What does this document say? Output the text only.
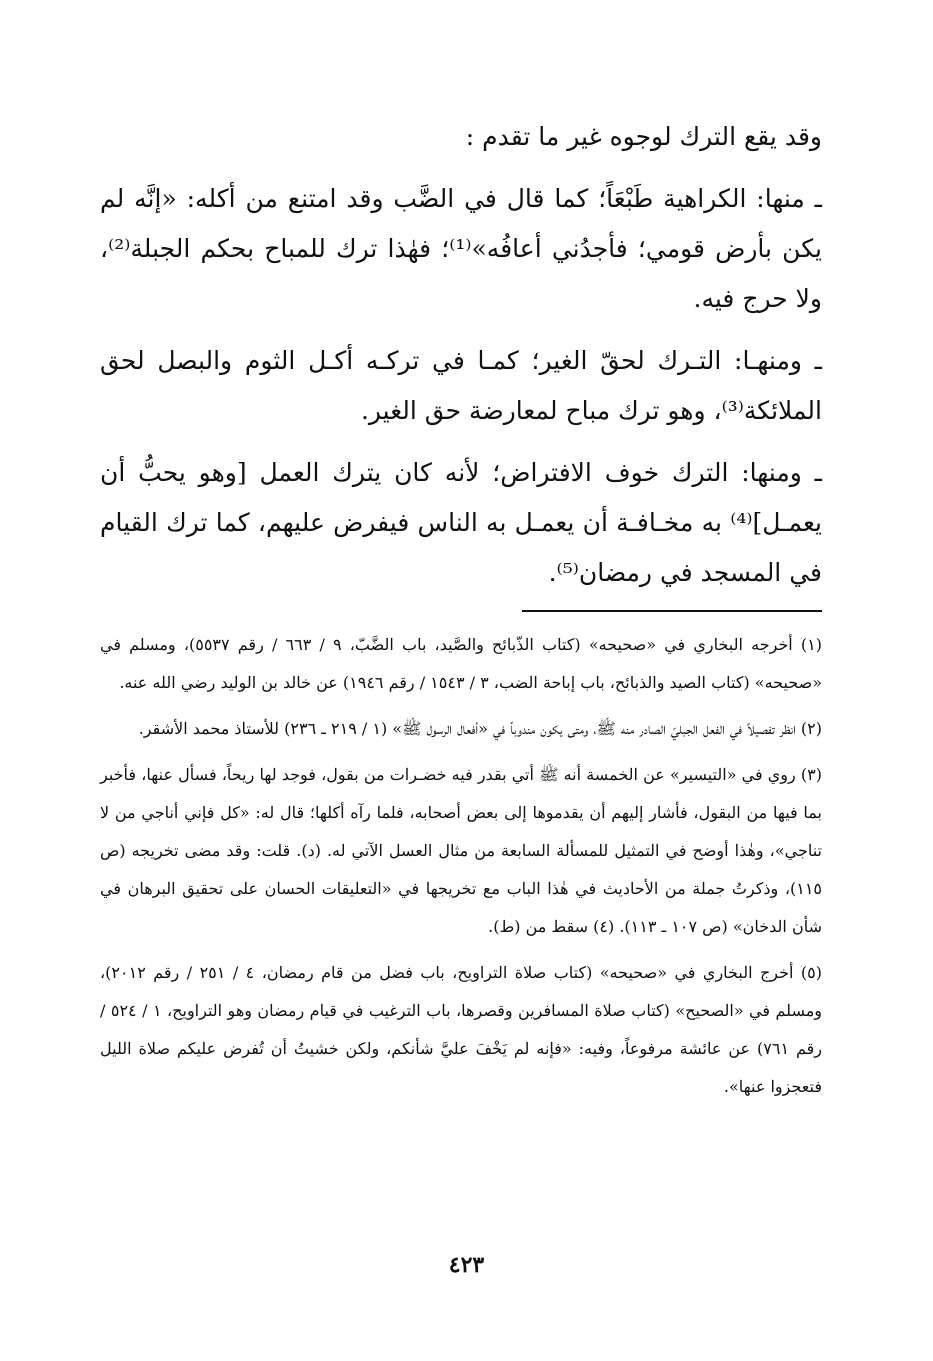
وقد يقع الترك لوجوه غير ما تقدم :

ـ منها: الكراهية طَبْعَاً؛ كما قال في الضَّب وقد امتنع من أكله: «إنَّه لم يكن بأرض قومي؛ فأجدُني أعافُه»⁽¹⁾؛ فهٰذا ترك للمباح بحكم الجبلة⁽²⁾، ولا حرج فيه.

ـ ومنهـا: التـرك لحقّ الغير؛ كمـا في تركـه أكـل الثوم والبصل لحق الملائكة⁽³⁾، وهو ترك مباح لمعارضة حق الغير.

ـ ومنها: الترك خوف الافتراض؛ لأنه كان يترك العمل [وهو يحبُّ أن يعمـل]⁽⁴⁾ به مخـافـة أن يعمـل به الناس فيفرض عليهم، كما ترك القيام في المسجد في رمضان⁽⁵⁾.

(١) أخرجه البخاري في «صحيحه» (كتاب الذّبائح والصَّيد، باب الضَّبّ، ٩ / ٦٦٣ / رقم ٥٥٣٧)، ومسلم في «صحيحه» (كتاب الصيد والذبائح، باب إباحة الضب، ٣ / ١٥٤٣ / رقم ١٩٤٦) عن خالد بن الوليد رضي الله عنه.

(٢) انظر تفصيلاً في الفعل الجبليّ الصادر منه ﷺ، ومتى يكون مندوباً في «أفعال الرسول ﷺ» (١ / ٢١٩ ـ ٢٣٦) للأستاذ محمد الأشقر.

(٣) روي في «التيسير» عن الخمسة أنه ﷺ أتي بقدر فيه خضـرات من بقول، فوجد لها ريحاً، فسأل عنها، فأخبر بما فيها من البقول، فأشار إليهم أن يقدموها إلى بعض أصحابه، فلما رآه أكلها؛ قال له: «كل فإني أناجي من لا تناجي»، وهٰذا أوضح في التمثيل للمسألة السابعة من مثال العسل الآتي له. (د). قلت: وقد مضى تخريجه (ص ١١٥)، وذكرتُ جملة من الأحاديث في هٰذا الباب مع تخريجها في «التعليقات الحسان على تحقيق البرهان في شأن الدخان» (ص ١٠٧ ـ ١١٣). (٤) سقط من (ط).

(٥) أخرج البخاري في «صحيحه» (كتاب صلاة التراويح، باب فضل من قام رمضان، ٤ / ٢٥١ / رقم ٢٠١٢)، ومسلم في «الصحيح» (كتاب صلاة المسافرين وقصرها، باب الترغيب في قيام رمضان وهو التراويح، ١ / ٥٢٤ / رقم ٧٦١) عن عائشة مرفوعاً، وفيه: «فإنه لم يَخْفَ عليَّ شأنكم، ولكن خشيتُ أن تُفرض عليكم صلاة الليل فتعجزوا عنها».

٤٢٣
